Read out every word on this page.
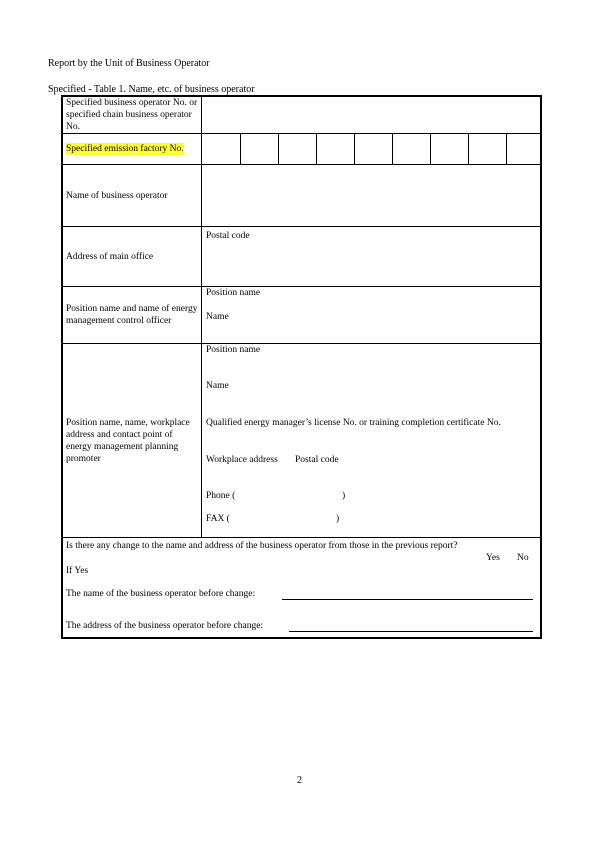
Report by the Unit of Business Operator
Specified - Table 1. Name, etc. of business operator
Specified business operator No. or specified chain business operator No.
Specified emission factory No.
Name of business operator
Address of main office
Postal code
Position name and name of energy management control officer
Position name
Name
Position name, name, workplace address and contact point of energy management planning promoter
Position name
Name
Qualified energy manager’s license No. or training completion certificate No.
Workplace address Postal code
Phone (	)
FAX (	)
Is there any change to the name and address of the business operator from those in the previous report?
Yes No
If Yes
The name of the business operator before change:
The address of the business operator before change:
2
